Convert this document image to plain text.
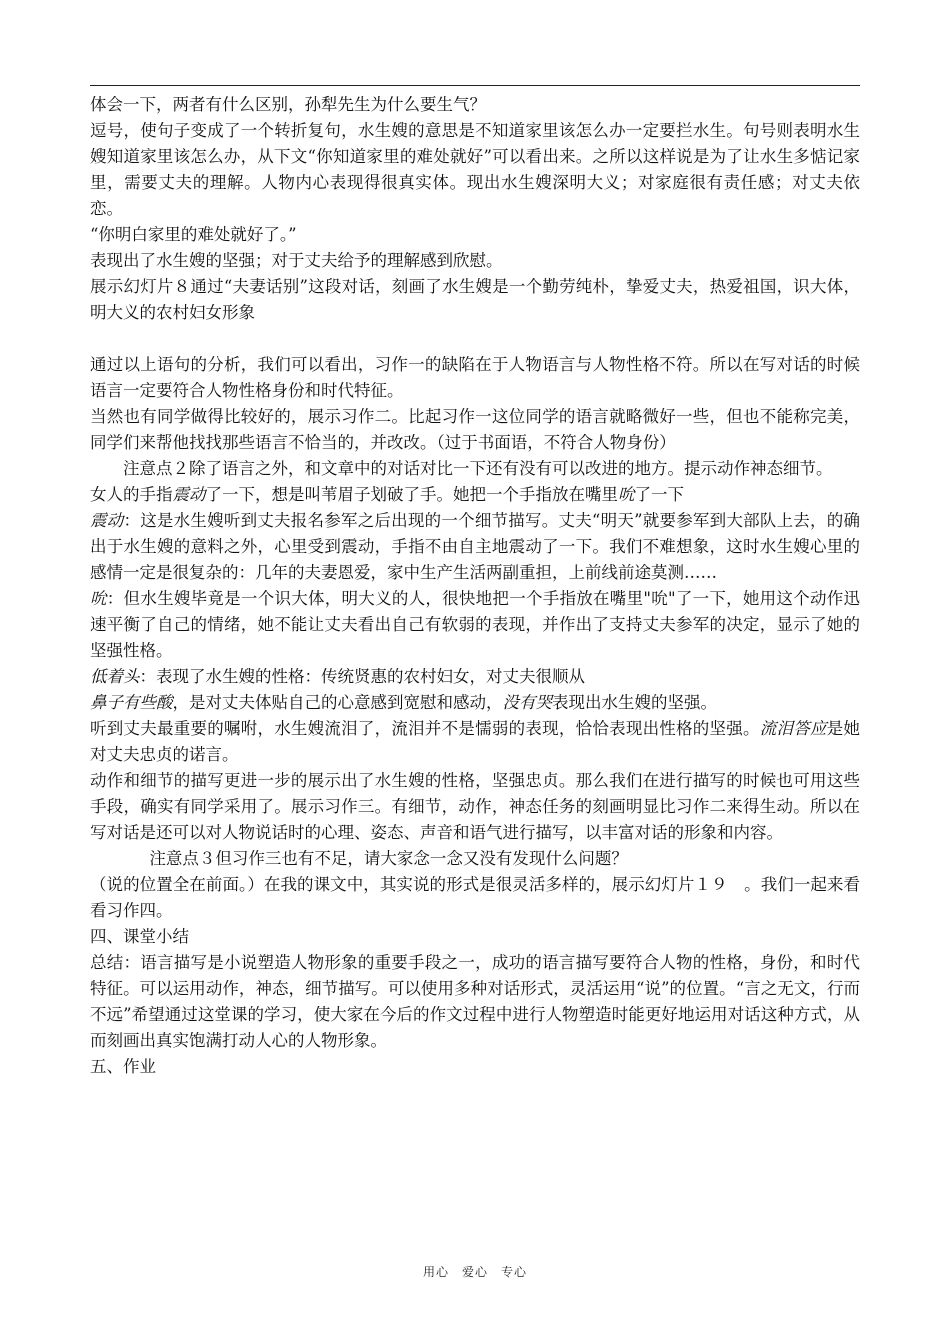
体会一下，两者有什么区别，孙犁先生为什么要生气？

逗号，使句子变成了一个转折复句，水生嫂的意思是不知道家里该怎么办一定要拦水生。句号则表明水生嫂知道家里该怎么办，从下文“你知道家里的难处就好”可以看出来。之所以这样说是为了让水生多惦记家里，需要丈夫的理解。人物内心表现得很真实体。现出水生嫂深明大义；对家庭很有责任感；对丈夫依恋。

“你明白家里的难处就好了。”

表现出了水生嫂的坚强；对于丈夫给予的理解感到欣慰。

展示幻灯片８通过“夫妻话别”这段对话，刻画了水生嫂是一个勤劳纯朴，挚爱丈夫，热爱祖国，识大体，明大义的农村妇女形象

通过以上语句的分析，我们可以看出，习作一的缺陷在于人物语言与人物性格不符。所以在写对话的时候语言一定要符合人物性格身份和时代特征。

当然也有同学做得比较好的，展示习作二。比起习作一这位同学的语言就略微好一些，但也不能称完美，同学们来帮他找找那些语言不恰当的，并改改。（过于书面语，不符合人物身份）

注意点２除了语言之外，和文章中的对话对比一下还有没有可以改进的地方。提示动作神态细节。

女人的手指震动了一下，想是叫苇眉子划破了手。她把一个手指放在嘴里吮了一下

震动：这是水生嫂听到丈夫报名参军之后出现的一个细节描写。丈夫“明天”就要参军到大部队上去，的确出于水生嫂的意料之外，心里受到震动，手指不由自主地震动了一下。我们不难想象，这时水生嫂心里的感情一定是很复杂的：几年的夫妻恩爱，家中生产生活两副重担，上前线前途莫测……

吮：但水生嫂毕竟是一个识大体，明大义的人，很快地把一个手指放在嘴里"吮"了一下，她用这个动作迅速平衡了自己的情绪，她不能让丈夫看出自己有软弱的表现，并作出了支持丈夫参军的决定，显示了她的坚强性格。

低着头：表现了水生嫂的性格：传统贤惠的农村妇女，对丈夫很顺从

鼻子有些酸，是对丈夫体贴自己的心意感到宽慰和感动，没有哭表现出水生嫂的坚强。

听到丈夫最重要的嘱咐，水生嫂流泪了，流泪并不是懦弱的表现，恰恰表现出性格的坚强。流泪答应是她对丈夫忠贞的诺言。

动作和细节的描写更进一步的展示出了水生嫂的性格，坚强忠贞。那么我们在进行描写的时候也可用这些手段，确实有同学采用了。展示习作三。有细节，动作，神态任务的刻画明显比习作二来得生动。所以在写对话是还可以对人物说话时的心理、姿态、声音和语气进行描写，以丰富对话的形象和内容。

注意点３但习作三也有不足，请大家念一念又没有发现什么问题？

（说的位置全在前面。）在我的课文中，其实说的形式是很灵活多样的，展示幻灯片１９　。我们一起来看看习作四。

四、课堂小结

总结：语言描写是小说塑造人物形象的重要手段之一，成功的语言描写要符合人物的性格，身份，和时代特征。可以运用动作，神态，细节描写。可以使用多种对话形式，灵活运用“说”的位置。“言之无文，行而不远”希望通过这堂课的学习，使大家在今后的作文过程中进行人物塑造时能更好地运用对话这种方式，从而刻画出真实饱满打动人心的人物形象。

五、作业

用心　爱心　专心
